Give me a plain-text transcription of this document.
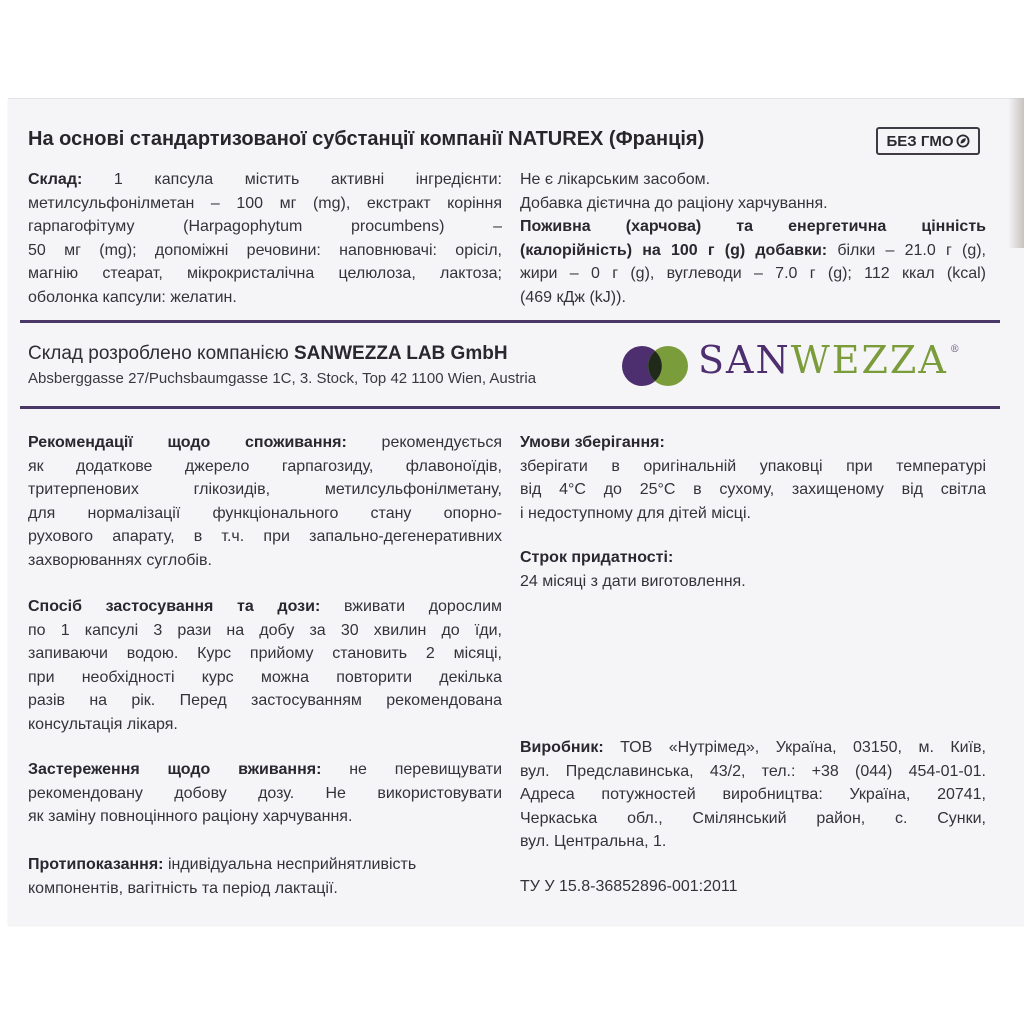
На основі стандартизованої субстанції компанії NATUREX (Франція)	БЕЗ ГМО
Склад: 1 капсула містить активні інгредієнти:
метилсульфонілметан – 100 мг (mg), екстракт коріння
гарпагофітуму (Harpagophytum procumbens) –
50 мг (mg); допоміжні речовини: наповнювачі: орісіл,
магнію стеарат, мікрокристалічна целюлоза, лактоза;
оболонка капсули: желатин.
Не є лікарським засобом.
Добавка дієтична до раціону харчування.
Поживна (харчова) та енергетична цінність
(калорійність) на 100 г (g) добавки: білки – 21.0 г (g),
жири – 0 г (g), вуглеводи – 7.0 г (g); 112 ккал (kcal)
(469 кДж (kJ)).
Склад розроблено компанією SANWEZZA LAB GmbH
Absberggasse 27/Puchsbaumgasse 1C, 3. Stock, Top 42 1100 Wien, Austria	SANWEZZA ®
Рекомендації щодо споживання: рекомендується
як додаткове джерело гарпагозиду, флавоноїдів,
тритерпенових глікозидів, метилсульфонілметану,
для нормалізації функціонального стану опорно-
рухового апарату, в т.ч. при запально-дегенеративних
захворюваннях суглобів.
Спосіб застосування та дози: вживати дорослим
по 1 капсулі 3 рази на добу за 30 хвилин до їди,
запиваючи водою. Курс прийому становить 2 місяці,
при необхідності курс можна повторити декілька
разів на рік. Перед застосуванням рекомендована
консультація лікаря.
Застереження щодо вживання: не перевищувати
рекомендовану добову дозу. Не використовувати
як заміну повноцінного раціону харчування.
Протипоказання: індивідуальна несприйнятливість
компонентів, вагітність та період лактації.
Умови зберігання:
зберігати в оригінальній упаковці при температурі
від 4°С до 25°С в сухому, захищеному від світла
і недоступному для дітей місці.
Строк придатності:
24 місяці з дати виготовлення.
Виробник: ТОВ «Нутрімед», Україна, 03150, м. Київ,
вул. Предславинська, 43/2, тел.: +38 (044) 454-01-01.
Адреса потужностей виробництва: Україна, 20741,
Черкаська обл., Смілянський район, с. Сунки,
вул. Центральна, 1.
ТУ У 15.8-36852896-001:2011
